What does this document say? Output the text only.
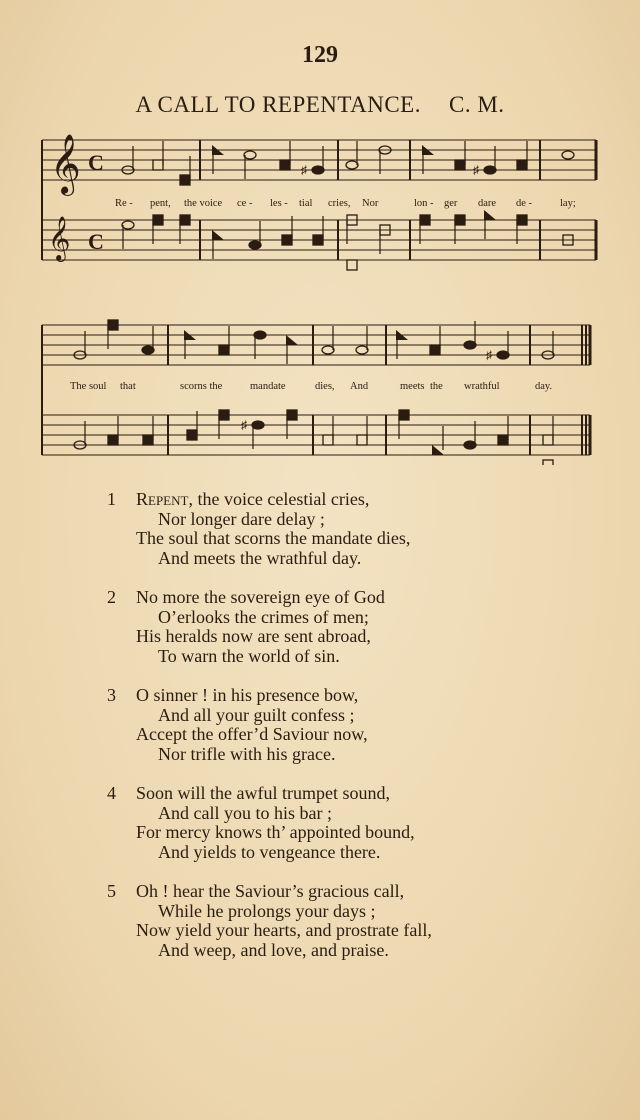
129
A CALL TO REPENTANCE. C. M.
𝄞 C
𝄞 C
♯	♯
Re - pent, the voice ce - les - tial cries, Nor	lon - ger dare de -	lay;
♯
♯
The soul that	scorns the	mandate	dies, And	meets the wrathful	day.
1	Repent, the voice celestial cries,
Nor longer dare delay ;
The soul that scorns the mandate dies,
And meets the wrathful day.
2	No more the sovereign eye of God
O’erlooks the crimes of men;
His heralds now are sent abroad,
To warn the world of sin.
3	O sinner ! in his presence bow,
And all your guilt confess ;
Accept the offer’d Saviour now,
Nor trifle with his grace.
4	Soon will the awful trumpet sound,
And call you to his bar ;
For mercy knows th’ appointed bound,
And yields to vengeance there.
5	Oh ! hear the Saviour’s gracious call,
While he prolongs your days ;
Now yield your hearts, and prostrate fall,
And weep, and love, and praise.
